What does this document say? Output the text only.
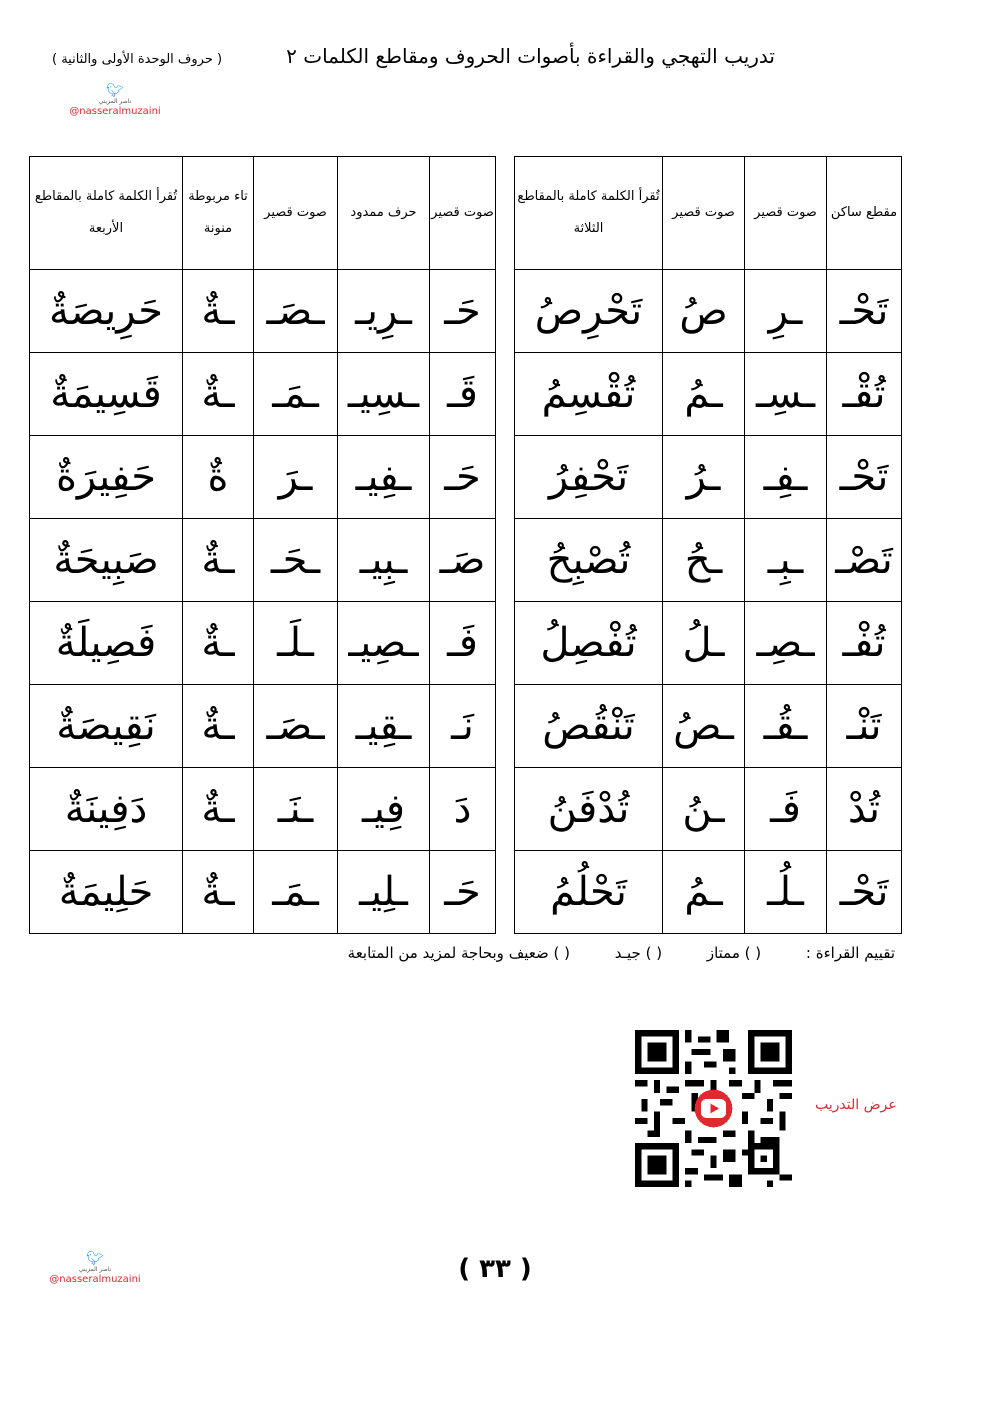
تدريب التهجي والقراءة بأصوات الحروف ومقاطع الكلمات ٢
( حروف الوحدة الأولى والثانية )
🐦︎
ناصر المزيني
@nasseralmuzaini
مقطع ساكن	صوت قصير	صوت قصير	تُقرأ الكلمة كاملة بالمقاطع الثلاثة
تَحْـ	ـرِ	صُ	تَحْرِصُ
تُقْـ	ـسِـ	ـمُ	تُقْسِمُ
تَحْـ	ـفِـ	ـرُ	تَحْفِرُ
تَصْـ	ـبِـ	ـحُ	تُصْبِحُ
تُفْـ	ـصِـ	ـلُ	تُفْصِلُ
تَنْـ	ـقُـ	ـصُ	تَنْقُصُ
تُدْ	فَـ	ـنُ	تُدْفَنُ
تَحْـ	ـلُـ	ـمُ	تَحْلُمُ
صوت قصير	حرف ممدود	صوت قصير	تاء مربوطة منونة	تُقرأ الكلمة كاملة بالمقاطع الأربعة
حَـ	ـرِيـ	ـصَـ	ـةٌ	حَرِيصَةٌ
قَـ	ـسِيـ	ـمَـ	ـةٌ	قَسِيمَةٌ
حَـ	ـفِيـ	ـرَ	ةٌ	حَفِيرَةٌ
صَـ	ـبِيـ	ـحَـ	ـةٌ	صَبِيحَةٌ
فَـ	ـصِيـ	ـلَـ	ـةٌ	فَصِيلَةٌ
نَـ	ـقِيـ	ـصَـ	ـةٌ	نَقِيصَةٌ
دَ	فِيـ	ـنَـ	ـةٌ	دَفِينَةٌ
حَـ	ـلِيـ	ـمَـ	ـةٌ	حَلِيمَةٌ
تقييم القراءة : ( ) ممتاز ( ) جيـد ( ) ضعيف وبحاجة لمزيد من المتابعة
عرض التدريب
🐦︎
ناصر المزيني
@nasseralmuzaini	( ٣٣ )
